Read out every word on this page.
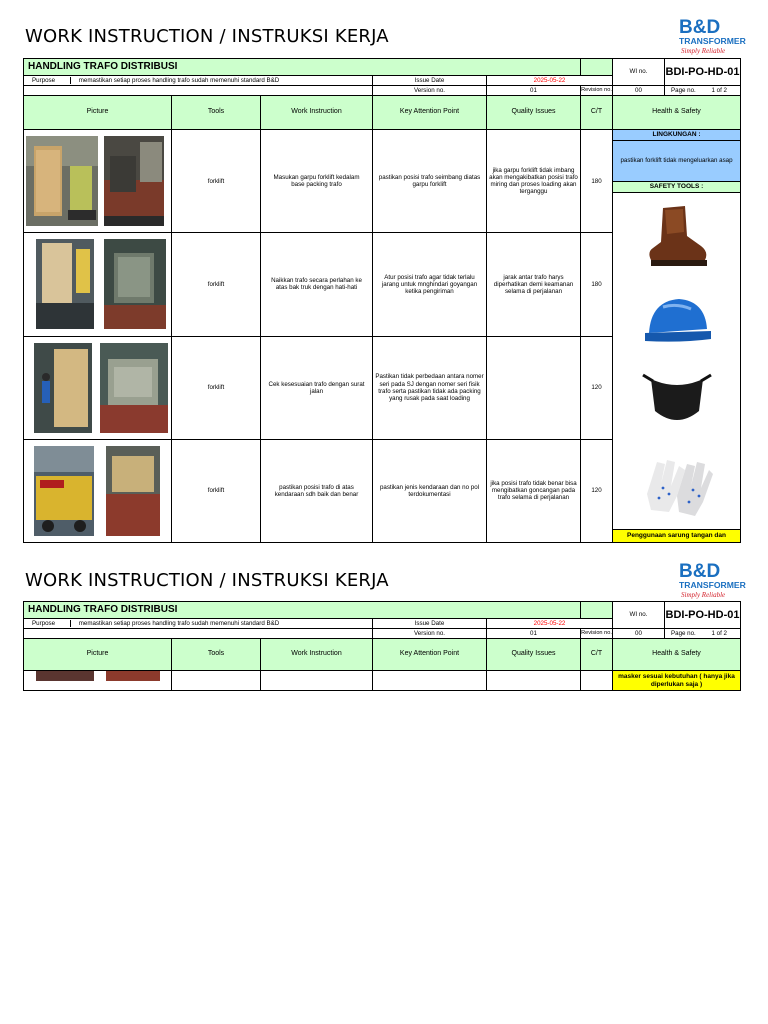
WORK INSTRUCTION / INSTRUKSI KERJA	B&D
TRANSFORMER
Simply Reliable
HANDLING TRAFO DISTRIBUSI						WI no.	BDI-PO-HD-01
Purpose memastikan setiap proses handling trafo sudah memenuhi standard B&D			Issue Date	2025-05-22			
			Version no.	01	Revision no.	00	Page no. 1 of 2
Picture	Tools	Work Instruction	Key Attention Point	Quality Issues	C/T	Health & Safety	

	forklift	Masukan garpu forklift kedalam base packing trafo	pastikan posisi trafo seimbang diatas garpu forklift	jika garpu forklift tidak imbang akan mengakibatkan posisi trafo miring dan proses loading akan terganggu	180	LINGKUNGAN :
pastikan forklift tidak mengeluarkan asap
SAFETY TOOLS :
Penggunaan sarung tangan dan	

	forklift	Naikkan trafo secara perlahan ke atas bak truk dengan hati-hati	Atur posisi trafo agar tidak terlalu jarang untuk mnghindari goyangan ketika pengiriman	jarak antar trafo harys diperhatikan demi keamanan selama di perjalanan	180		

	forklift	Cek kesesuaian trafo dengan surat jalan	Pastikan tidak perbedaan antara nomer seri pada SJ dengan nomer seri fisik trafo serta pastikan tidak ada packing yang rusak pada saat loading		120		

	forklift	pastikan posisi trafo di atas kendaraan sdh baik dan benar	pastikan jenis kendaraan dan no pol terdokumentasi	jika posisi trafo tidak benar bisa mengibatkan goncangan pada trafo selama di perjalanan	120		
WORK INSTRUCTION / INSTRUKSI KERJA	B&D
TRANSFORMER
Simply Reliable
HANDLING TRAFO DISTRIBUSI						WI no.	BDI-PO-HD-01
Purpose memastikan setiap proses handling trafo sudah memenuhi standard B&D			Issue Date	2025-05-22			
			Version no.	01	Revision no.	00	Page no. 1 of 2
Picture	Tools	Work Instruction	Key Attention Point	Quality Issues	C/T	Health & Safety	

						masker sesuai kebutuhan ( hanya jika diperlukan saja )	
